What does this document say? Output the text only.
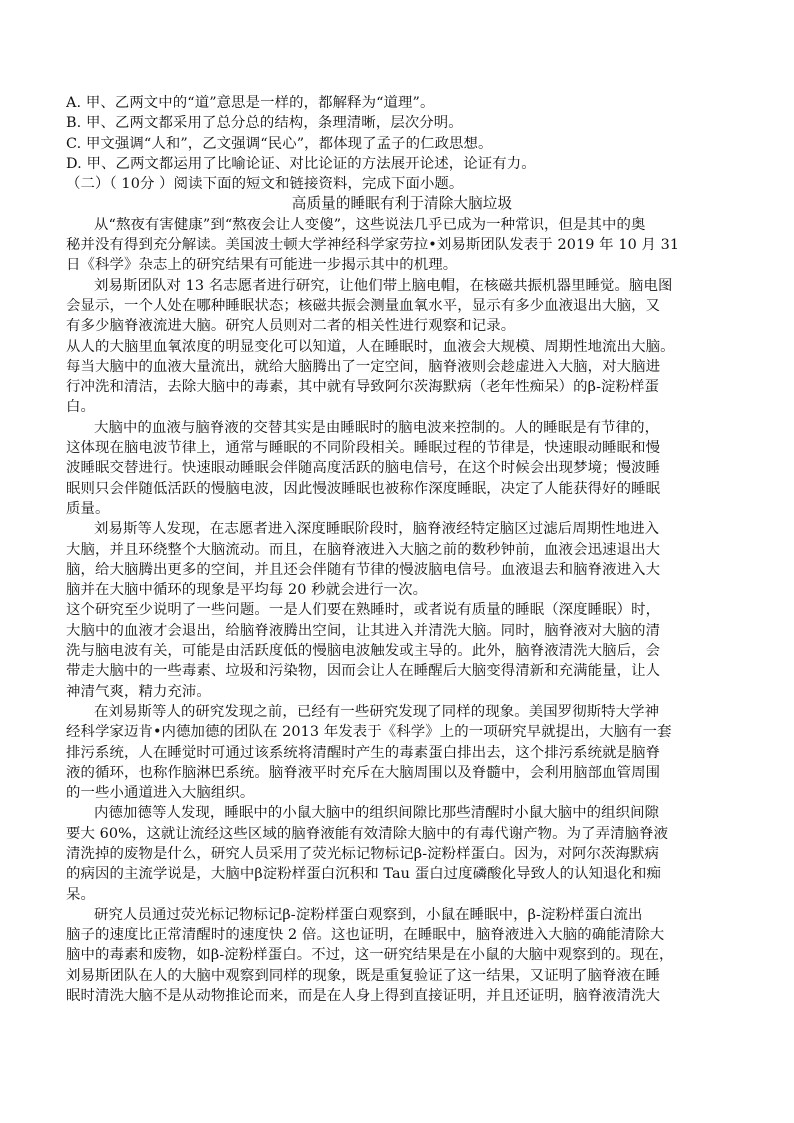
A. 甲、乙两文中的“道”意思是一样的，都解释为“道理”。
B. 甲、乙两文都采用了总分总的结构，条理清晰，层次分明。
C. 甲文强调“人和”，乙文强调“民心”，都体现了孟子的仁政思想。
D. 甲、乙两文都运用了比喻论证、对比论证的方法展开论述，论证有力。
（二）（ 10分 ）阅读下面的短文和链接资料，完成下面小题。
高质量的睡眠有利于清除大脑垃圾
从“熬夜有害健康”到“熬夜会让人变傻”，这些说法几乎已成为一种常识，但是其中的奥
秘并没有得到充分解读。美国波士顿大学神经科学家劳拉•刘易斯团队发表于 2019 年 10 月 31
日《科学》杂志上的研究结果有可能进一步揭示其中的机理。
刘易斯团队对 13 名志愿者进行研究，让他们带上脑电帽，在核磁共振机器里睡觉。脑电图
会显示，一个人处在哪种睡眠状态；核磁共振会测量血氧水平，显示有多少血液退出大脑，又
有多少脑脊液流进大脑。研究人员则对二者的相关性进行观察和记录。
从人的大脑里血氧浓度的明显变化可以知道，人在睡眠时，血液会大规模、周期性地流出大脑。
每当大脑中的血液大量流出，就给大脑腾出了一定空间，脑脊液则会趁虚进入大脑，对大脑进
行冲洗和清洁，去除大脑中的毒素，其中就有导致阿尔茨海默病（老年性痴呆）的β-淀粉样蛋
白。
大脑中的血液与脑脊液的交替其实是由睡眠时的脑电波来控制的。人的睡眠是有节律的，
这体现在脑电波节律上，通常与睡眠的不同阶段相关。睡眠过程的节律是，快速眼动睡眠和慢
波睡眠交替进行。快速眼动睡眠会伴随高度活跃的脑电信号，在这个时候会出现梦境；慢波睡
眠则只会伴随低活跃的慢脑电波，因此慢波睡眠也被称作深度睡眠，决定了人能获得好的睡眠
质量。
刘易斯等人发现，在志愿者进入深度睡眠阶段时，脑脊液经特定脑区过滤后周期性地进入
大脑，并且环绕整个大脑流动。而且，在脑脊液进入大脑之前的数秒钟前，血液会迅速退出大
脑，给大脑腾出更多的空间，并且还会伴随有节律的慢波脑电信号。血液退去和脑脊液进入大
脑并在大脑中循环的现象是平均每 20 秒就会进行一次。
这个研究至少说明了一些问题。一是人们要在熟睡时，或者说有质量的睡眠（深度睡眠）时，
大脑中的血液才会退出，给脑脊液腾出空间，让其进入并清洗大脑。同时，脑脊液对大脑的清
洗与脑电波有关，可能是由活跃度低的慢脑电波触发或主导的。此外，脑脊液清洗大脑后，会
带走大脑中的一些毒素、垃圾和污染物，因而会让人在睡醒后大脑变得清新和充满能量，让人
神清气爽，精力充沛。
在刘易斯等人的研究发现之前，已经有一些研究发现了同样的现象。美国罗彻斯特大学神
经科学家迈肯•内德加德的团队在 2013 年发表于《科学》上的一项研究早就提出，大脑有一套
排污系统，人在睡觉时可通过该系统将清醒时产生的毒素蛋白排出去，这个排污系统就是脑脊
液的循环，也称作脑淋巴系统。脑脊液平时充斥在大脑周围以及脊髓中，会利用脑部血管周围
的一些小通道进入大脑组织。
内德加德等人发现，睡眠中的小鼠大脑中的组织间隙比那些清醒时小鼠大脑中的组织间隙
要大 60%，这就让流经这些区域的脑脊液能有效清除大脑中的有毒代谢产物。为了弄清脑脊液
清洗掉的废物是什么，研究人员采用了荧光标记物标记β-淀粉样蛋白。因为，对阿尔茨海默病
的病因的主流学说是，大脑中β淀粉样蛋白沉积和 Tau 蛋白过度磷酸化导致人的认知退化和痴
呆。
研究人员通过荧光标记物标记β-淀粉样蛋白观察到，小鼠在睡眠中，β-淀粉样蛋白流出
脑子的速度比正常清醒时的速度快 2 倍。这也证明，在睡眠中，脑脊液进入大脑的确能清除大
脑中的毒素和废物，如β-淀粉样蛋白。不过，这一研究结果是在小鼠的大脑中观察到的。现在，
刘易斯团队在人的大脑中观察到同样的现象，既是重复验证了这一结果，又证明了脑脊液在睡
眠时清洗大脑不是从动物推论而来，而是在人身上得到直接证明，并且还证明，脑脊液清洗大
